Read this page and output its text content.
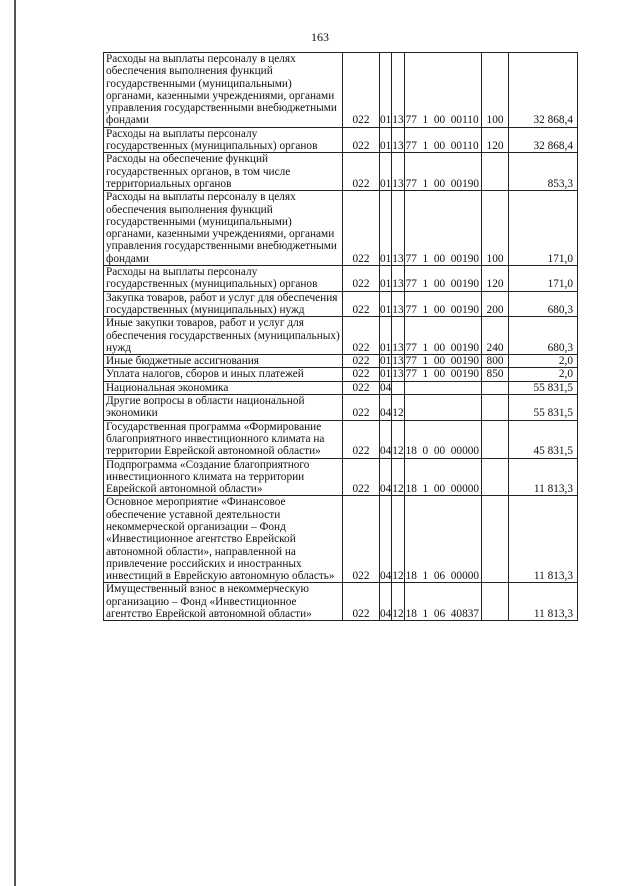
163
Расходы на выплаты персоналу в целях обеспечения выполнения функций государственными (муниципальными) органами, казенными учреждениями, органами управления государственными внебюджетными фондами	022	01	13	77  1  00  00110	100	32 868,4
Расходы на выплаты персоналу государственных (муниципальных) органов	022	01	13	77  1  00  00110	120	32 868,4
Расходы на обеспечение функций государственных органов, в том числе территориальных органов	022	01	13	77  1  00  00190		853,3
Расходы на выплаты персоналу в целях обеспечения выполнения функций государственными (муниципальными) органами, казенными учреждениями, органами управления государственными внебюджетными фондами	022	01	13	77  1  00  00190	100	171,0
Расходы на выплаты персоналу государственных (муниципальных) органов	022	01	13	77  1  00  00190	120	171,0
Закупка товаров, работ и услуг для обеспечения государственных (муниципальных) нужд	022	01	13	77  1  00  00190	200	680,3
Иные закупки товаров, работ и услуг для обеспечения государственных (муниципальных) нужд	022	01	13	77  1  00  00190	240	680,3
Иные бюджетные ассигнования	022	01	13	77  1  00  00190	800	2,0
Уплата налогов, сборов и иных платежей	022	01	13	77  1  00  00190	850	2,0
Национальная экономика	022	04				55 831,5
Другие вопросы в области национальной экономики	022	04	12			55 831,5
Государственная программа «Формирование благоприятного инвестиционного климата на территории Еврейской автономной области»	022	04	12	18  0  00  00000		45 831,5
Подпрограмма «Создание благоприятного инвестиционного климата на территории Еврейской автономной области»	022	04	12	18  1  00  00000		11 813,3
Основное мероприятие «Финансовое обеспечение уставной деятельности некоммерческой организации – Фонд «Инвестиционное агентство Еврейской автономной области», направленной на привлечение российских и иностранных инвестиций в Еврейскую автономную область»	022	04	12	18  1  06  00000		11 813,3
Имущественный взнос в некоммерческую организацию – Фонд «Инвестиционное агентство Еврейской автономной области»	022	04	12	18  1  06  40837		11 813,3
